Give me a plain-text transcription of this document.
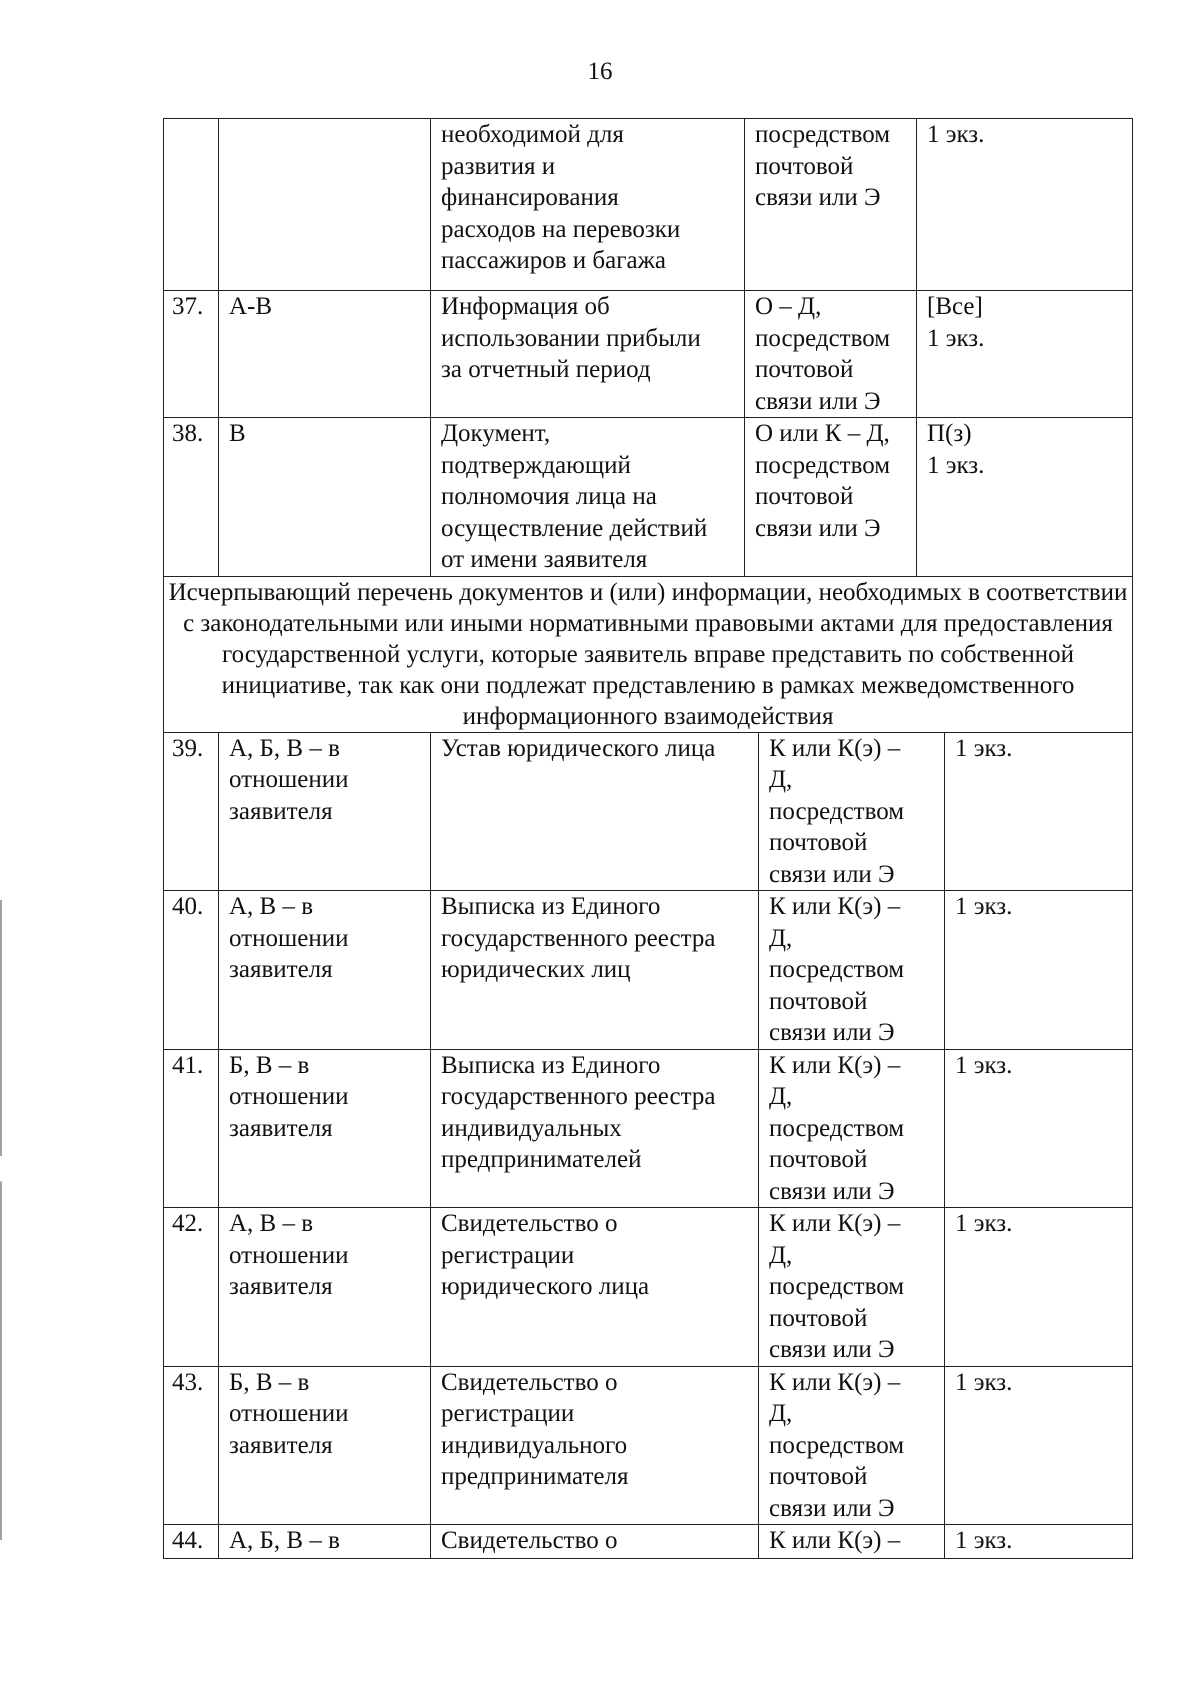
16

		необходимой для
развития и
финансирования
расходов на перевозки
пассажиров и багажа	посредством
почтовой
связи или Э	1 экз.

37.	А-В	Информация об
использовании прибыли
за отчетный период	О – Д,
посредством
почтовой
связи или Э	[Все]
1 экз.

38.	В	Документ,
подтверждающий
полномочия лица на
осуществление действий
от имени заявителя	О или К – Д,
посредством
почтовой
связи или Э	П(з)
1 экз.

Исчерпывающий перечень документов и (или) информации, необходимых в соответствии с законодательными или иными нормативными правовыми актами для предоставления государственной услуги, которые заявитель вправе представить по собственной инициативе, так как они подлежат представлению в рамках межведомственного информационного взаимодействия				
39.	А, Б, В – в
отношении
заявителя	Устав юридического лица	К или К(э) –
Д,
посредством
почтовой
связи или Э	1 экз.

40.	А, В – в
отношении
заявителя	Выписка из Единого
государственного реестра
юридических лиц	К или К(э) –
Д,
посредством
почтовой
связи или Э	1 экз.

41.	Б, В – в
отношении
заявителя	Выписка из Единого
государственного реестра
индивидуальных
предпринимателей	К или К(э) –
Д,
посредством
почтовой
связи или Э	1 экз.

42.	А, В – в
отношении
заявителя	Свидетельство о
регистрации
юридического лица	К или К(э) –
Д,
посредством
почтовой
связи или Э	1 экз.

43.	Б, В – в
отношении
заявителя	Свидетельство о
регистрации
индивидуального
предпринимателя	К или К(э) –
Д,
посредством
почтовой
связи или Э	1 экз.

44.	А, Б, В – в	Свидетельство о	К или К(э) –	1 экз.
